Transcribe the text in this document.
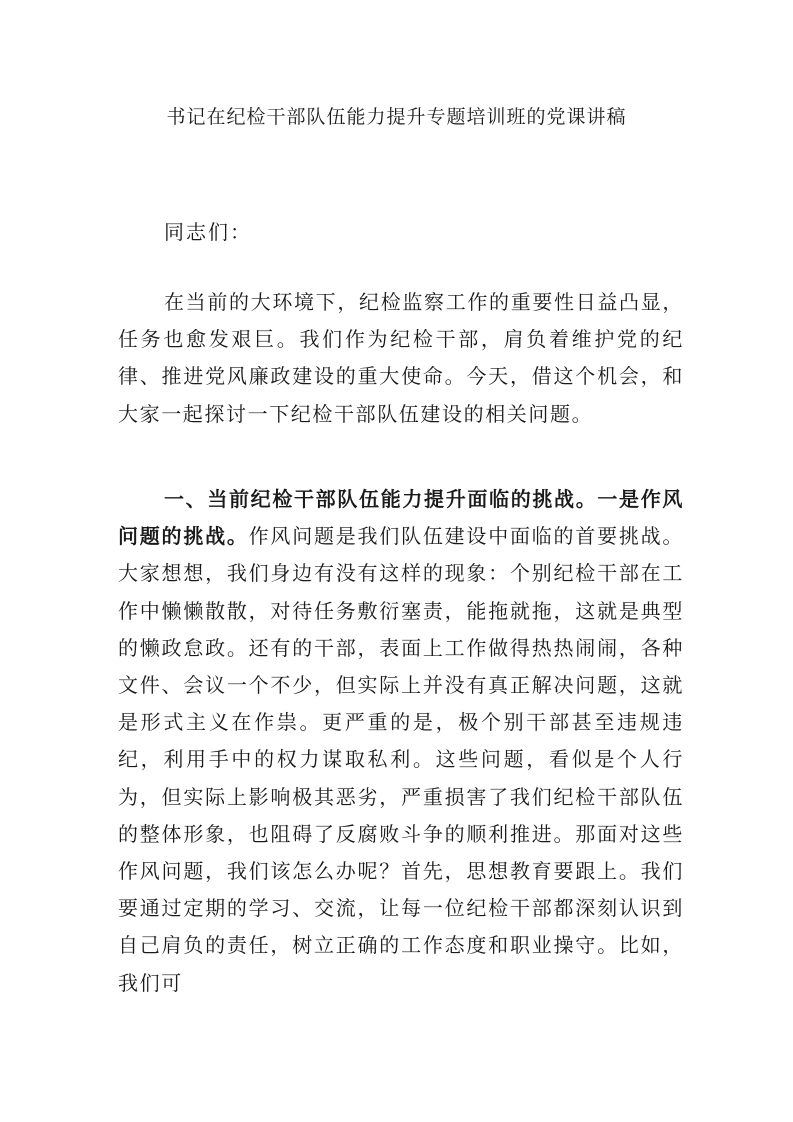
书记在纪检干部队伍能力提升专题培训班的党课讲稿
同志们：

在当前的大环境下，纪检监察工作的重要性日益凸显，任务也愈发艰巨。我们作为纪检干部，肩负着维护党的纪律、推进党风廉政建设的重大使命。今天，借这个机会，和大家一起探讨一下纪检干部队伍建设的相关问题。

一、当前纪检干部队伍能力提升面临的挑战。一是作风问题的挑战。作风问题是我们队伍建设中面临的首要挑战。大家想想，我们身边有没有这样的现象：个别纪检干部在工作中懒懒散散，对待任务敷衍塞责，能拖就拖，这就是典型的懒政怠政。还有的干部，表面上工作做得热热闹闹，各种文件、会议一个不少，但实际上并没有真正解决问题，这就是形式主义在作祟。更严重的是，极个别干部甚至违规违纪，利用手中的权力谋取私利。这些问题，看似是个人行为，但实际上影响极其恶劣，严重损害了我们纪检干部队伍的整体形象，也阻碍了反腐败斗争的顺利推进。那面对这些作风问题，我们该怎么办呢？首先，思想教育要跟上。我们要通过定期的学习、交流，让每一位纪检干部都深刻认识到自己肩负的责任，树立正确的工作态度和职业操守。比如，我们可
